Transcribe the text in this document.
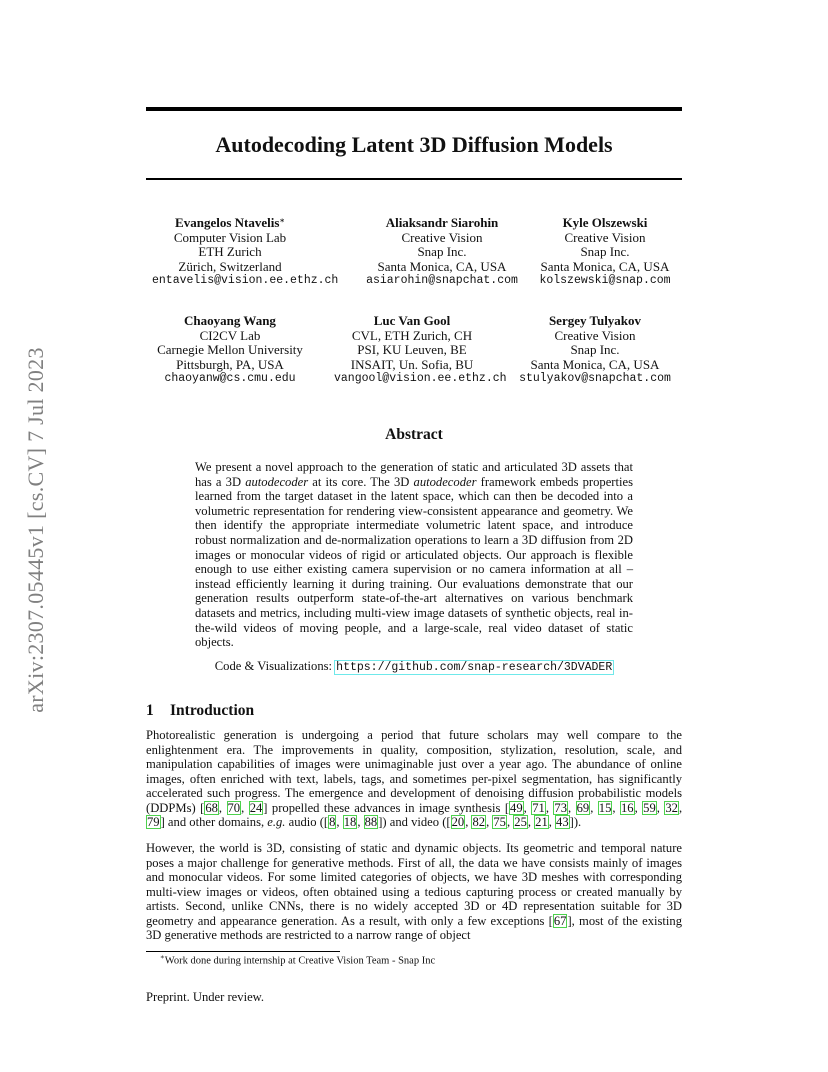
arXiv:2307.05445v1 [cs.CV] 7 Jul 2023
Autodecoding Latent 3D Diffusion Models
Evangelos Ntavelis∗
Computer Vision Lab
ETH Zurich
Zürich, Switzerland
entavelis@vision.ee.ethz.ch
Aliaksandr Siarohin
Creative Vision
Snap Inc.
Santa Monica, CA, USA
asiarohin@snapchat.com
Kyle Olszewski
Creative Vision
Snap Inc.
Santa Monica, CA, USA
kolszewski@snap.com
Chaoyang Wang
CI2CV Lab
Carnegie Mellon University
Pittsburgh, PA, USA
chaoyanw@cs.cmu.edu
Luc Van Gool
CVL, ETH Zurich, CH
PSI, KU Leuven, BE
INSAIT, Un. Sofia, BU
vangool@vision.ee.ethz.ch
Sergey Tulyakov
Creative Vision
Snap Inc.
Santa Monica, CA, USA
stulyakov@snapchat.com
Abstract
We present a novel approach to the generation of static and articulated 3D assets that has a 3D autodecoder at its core. The 3D autodecoder framework embeds properties learned from the target dataset in the latent space, which can then be decoded into a volumetric representation for rendering view-consistent appearance and geometry. We then identify the appropriate intermediate volumetric latent space, and introduce robust normalization and de-normalization operations to learn a 3D diffusion from 2D images or monocular videos of rigid or articulated objects. Our approach is flexible enough to use either existing camera supervision or no camera information at all – instead efficiently learning it during training. Our evaluations demonstrate that our generation results outperform state-of-the-art alternatives on various benchmark datasets and metrics, including multi-view image datasets of synthetic objects, real in-the-wild videos of moving people, and a large-scale, real video dataset of static objects.
Code & Visualizations: https://github.com/snap-research/3DVADER
1 Introduction
Photorealistic generation is undergoing a period that future scholars may well compare to the enlightenment era. The improvements in quality, composition, stylization, resolution, scale, and manipulation capabilities of images were unimaginable just over a year ago. The abundance of online images, often enriched with text, labels, tags, and sometimes per-pixel segmentation, has significantly accelerated such progress. The emergence and development of denoising diffusion probabilistic models (DDPMs) [68, 70, 24] propelled these advances in image synthesis [49, 71, 73, 69, 15, 16, 59, 32, 79] and other domains, e.g. audio ([8, 18, 88]) and video ([20, 82, 75, 25, 21, 43]).
However, the world is 3D, consisting of static and dynamic objects. Its geometric and temporal nature poses a major challenge for generative methods. First of all, the data we have consists mainly of images and monocular videos. For some limited categories of objects, we have 3D meshes with corresponding multi-view images or videos, often obtained using a tedious capturing process or created manually by artists. Second, unlike CNNs, there is no widely accepted 3D or 4D representation suitable for 3D geometry and appearance generation. As a result, with only a few exceptions [67], most of the existing 3D generative methods are restricted to a narrow range of object
∗Work done during internship at Creative Vision Team - Snap Inc
Preprint. Under review.
